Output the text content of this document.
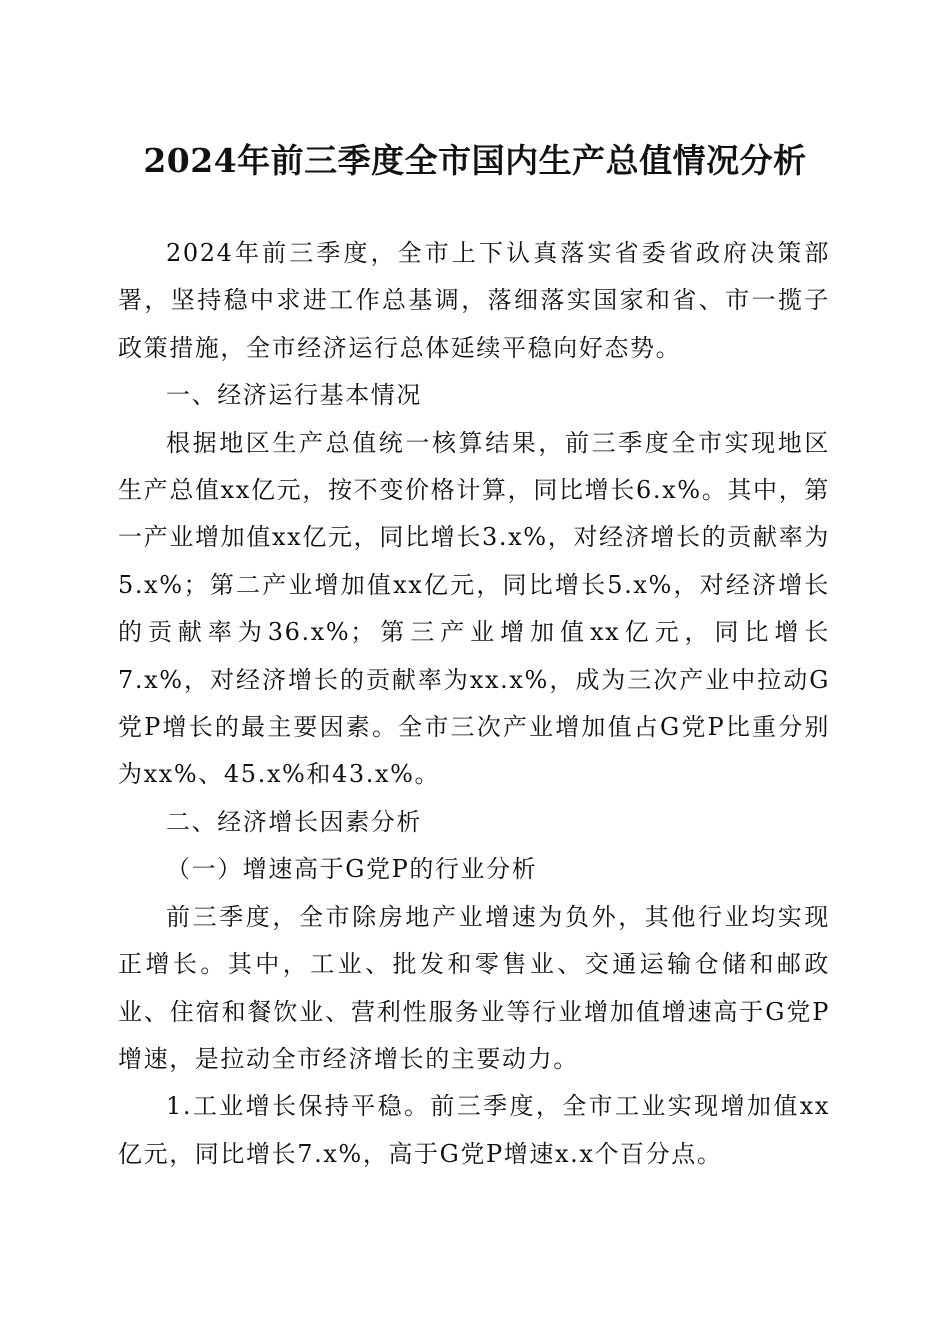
2024年前三季度全市国内生产总值情况分析

2024年前三季度，全市上下认真落实省委省政府决策部署，坚持稳中求进工作总基调，落细落实国家和省、市一揽子政策措施，全市经济运行总体延续平稳向好态势。

一、经济运行基本情况

根据地区生产总值统一核算结果，前三季度全市实现地区生产总值xx亿元，按不变价格计算，同比增长6.x%。其中，第一产业增加值xx亿元，同比增长3.x%，对经济增长的贡献率为5.x%；第二产业增加值xx亿元，同比增长5.x%，对经济增长的贡献率为36.x%；第三产业增加值xx亿元，同比增长7.x%，对经济增长的贡献率为xx.x%，成为三次产业中拉动G党P增长的最主要因素。全市三次产业增加值占G党P比重分别为xx%、45.x%和43.x%。

二、经济增长因素分析

（一）增速高于G党P的行业分析

前三季度，全市除房地产业增速为负外，其他行业均实现正增长。其中，工业、批发和零售业、交通运输仓储和邮政业、住宿和餐饮业、营利性服务业等行业增加值增速高于G党P增速，是拉动全市经济增长的主要动力。

1.工业增长保持平稳。前三季度，全市工业实现增加值xx亿元，同比增长7.x%，高于G党P增速x.x个百分点。
